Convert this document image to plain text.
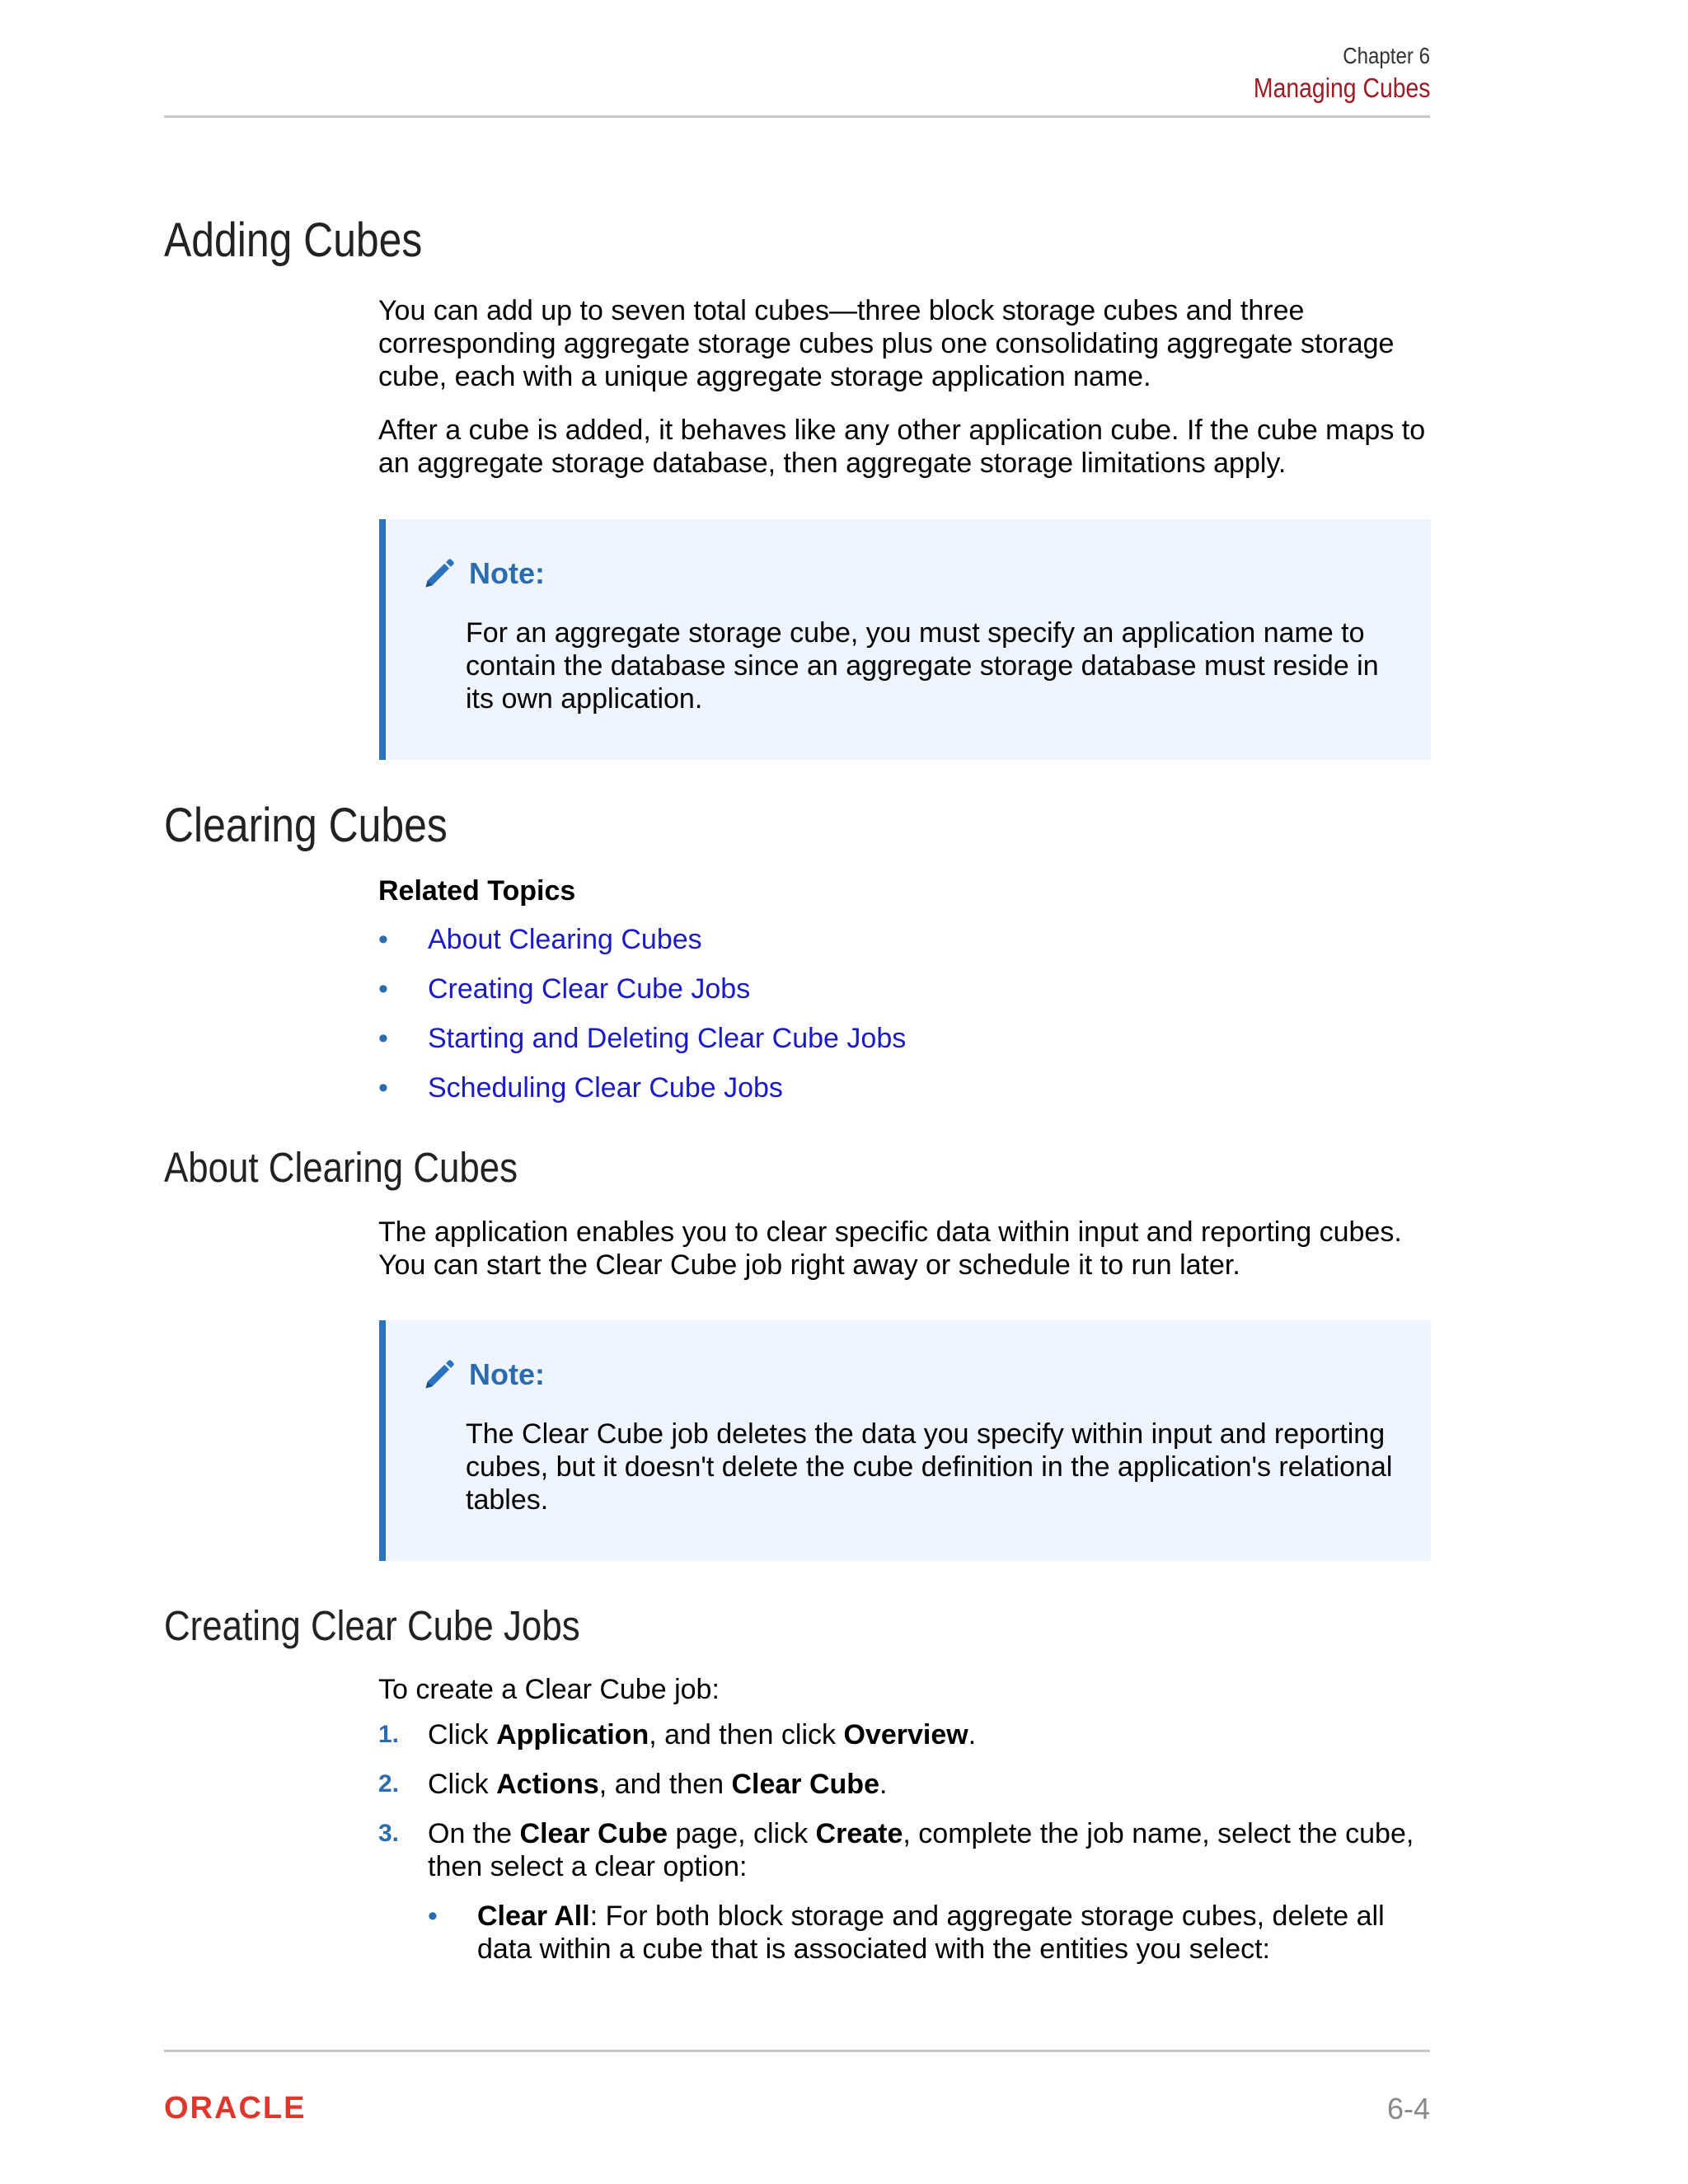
Chapter 6
Managing Cubes
Adding Cubes

You can add up to seven total cubes—three block storage cubes and three corresponding aggregate storage cubes plus one consolidating aggregate storage cube, each with a unique aggregate storage application name.

After a cube is added, it behaves like any other application cube. If the cube maps to an aggregate storage database, then aggregate storage limitations apply.

Note:

For an aggregate storage cube, you must specify an application name to contain the database since an aggregate storage database must reside in its own application.

Clearing Cubes

Related Topics

• About Clearing Cubes
• Creating Clear Cube Jobs
• Starting and Deleting Clear Cube Jobs
• Scheduling Clear Cube Jobs
About Clearing Cubes

The application enables you to clear specific data within input and reporting cubes. You can start the Clear Cube job right away or schedule it to run later.

Note:

The Clear Cube job deletes the data you specify within input and reporting cubes, but it doesn't delete the cube definition in the application's relational tables.

Creating Clear Cube Jobs

To create a Clear Cube job:

1. Click Application, and then click Overview.
2. Click Actions, and then Clear Cube.
3. On the Clear Cube page, click Create, complete the job name, select the cube, then select a clear option:
• Clear All: For both block storage and aggregate storage cubes, delete all data within a cube that is associated with the entities you select:
ORACLE	6-4
